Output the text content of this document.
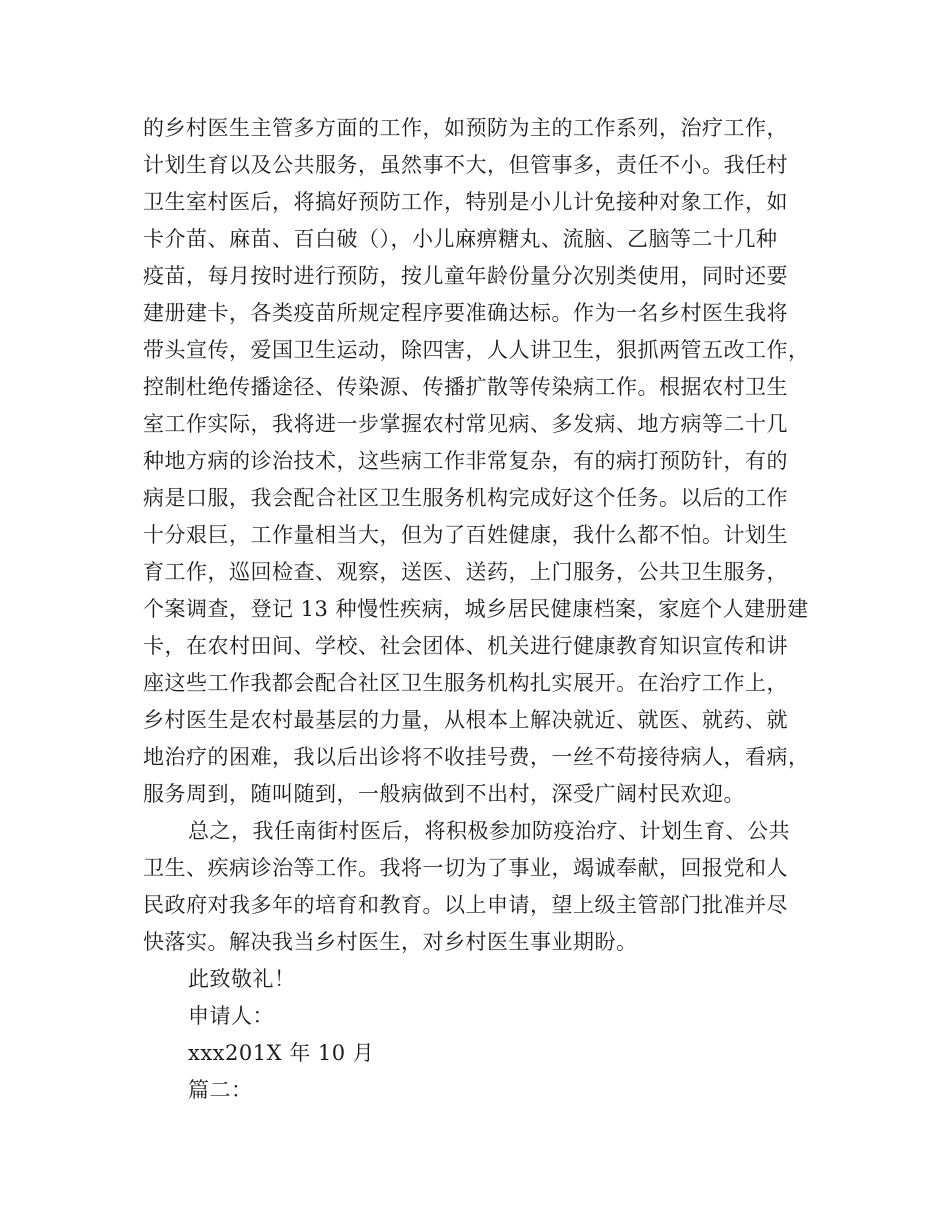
的乡村医生主管多方面的工作，如预防为主的工作系列，治疗工作，
计划生育以及公共服务，虽然事不大，但管事多，责任不小。我任村
卫生室村医后，将搞好预防工作，特别是小儿计免接种对象工作，如
卡介苗、麻苗、百白破（），小儿麻痹糖丸、流脑、乙脑等二十几种
疫苗，每月按时进行预防，按儿童年龄份量分次别类使用，同时还要
建册建卡，各类疫苗所规定程序要准确达标。作为一名乡村医生我将
带头宣传，爱国卫生运动，除四害，人人讲卫生，狠抓两管五改工作，
控制杜绝传播途径、传染源、传播扩散等传染病工作。根据农村卫生
室工作实际，我将进一步掌握农村常见病、多发病、地方病等二十几
种地方病的诊治技术，这些病工作非常复杂，有的病打预防针，有的
病是口服，我会配合社区卫生服务机构完成好这个任务。以后的工作
十分艰巨，工作量相当大，但为了百姓健康，我什么都不怕。计划生
育工作，巡回检查、观察，送医、送药，上门服务，公共卫生服务，
个案调查，登记 13 种慢性疾病，城乡居民健康档案，家庭个人建册建
卡，在农村田间、学校、社会团体、机关进行健康教育知识宣传和讲
座这些工作我都会配合社区卫生服务机构扎实展开。在治疗工作上，
乡村医生是农村最基层的力量，从根本上解决就近、就医、就药、就
地治疗的困难，我以后出诊将不收挂号费，一丝不苟接待病人，看病，
服务周到，随叫随到，一般病做到不出村，深受广阔村民欢迎。
总之，我任南街村医后，将积极参加防疫治疗、计划生育、公共
卫生、疾病诊治等工作。我将一切为了事业，竭诚奉献，回报党和人
民政府对我多年的培育和教育。以上申请，望上级主管部门批准并尽
快落实。解决我当乡村医生，对乡村医生事业期盼。
此致敬礼！
申请人：
xxx201X 年 10 月
篇二：
